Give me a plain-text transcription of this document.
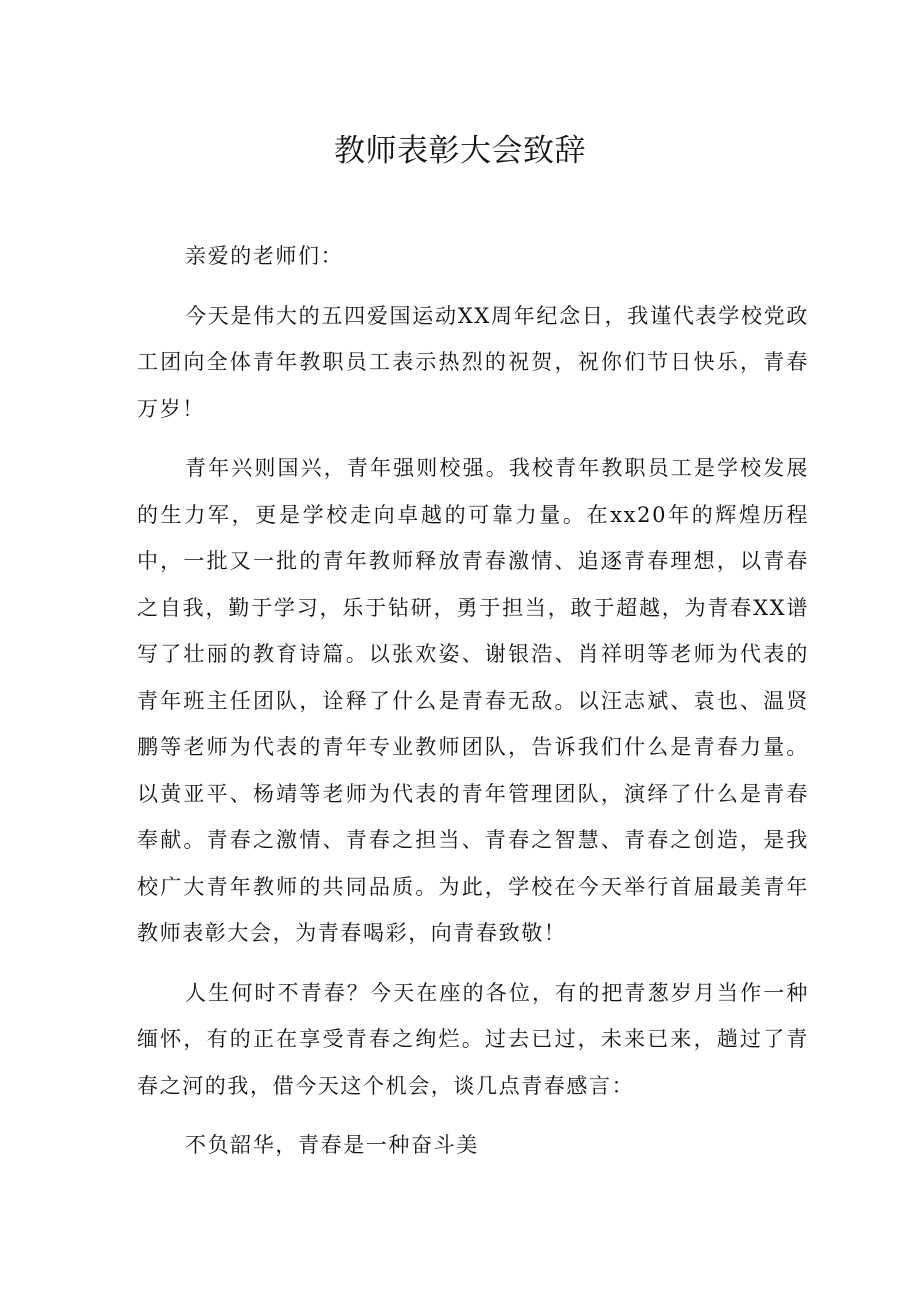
教师表彰大会致辞

亲爱的老师们：

今天是伟大的五四爱国运动XX周年纪念日，我谨代表学校党政工团向全体青年教职员工表示热烈的祝贺，祝你们节日快乐，青春万岁！

青年兴则国兴，青年强则校强。我校青年教职员工是学校发展的生力军，更是学校走向卓越的可靠力量。在xx20年的辉煌历程中，一批又一批的青年教师释放青春激情、追逐青春理想，以青春之自我，勤于学习，乐于钻研，勇于担当，敢于超越，为青春XX谱写了壮丽的教育诗篇。以张欢姿、谢银浩、肖祥明等老师为代表的青年班主任团队，诠释了什么是青春无敌。以汪志斌、袁也、温贤鹏等老师为代表的青年专业教师团队，告诉我们什么是青春力量。以黄亚平、杨靖等老师为代表的青年管理团队，演绎了什么是青春奉献。青春之激情、青春之担当、青春之智慧、青春之创造，是我校广大青年教师的共同品质。为此，学校在今天举行首届最美青年教师表彰大会，为青春喝彩，向青春致敬！

人生何时不青春？今天在座的各位，有的把青葱岁月当作一种缅怀，有的正在享受青春之绚烂。过去已过，未来已来，趟过了青春之河的我，借今天这个机会，谈几点青春感言：

不负韶华，青春是一种奋斗美
